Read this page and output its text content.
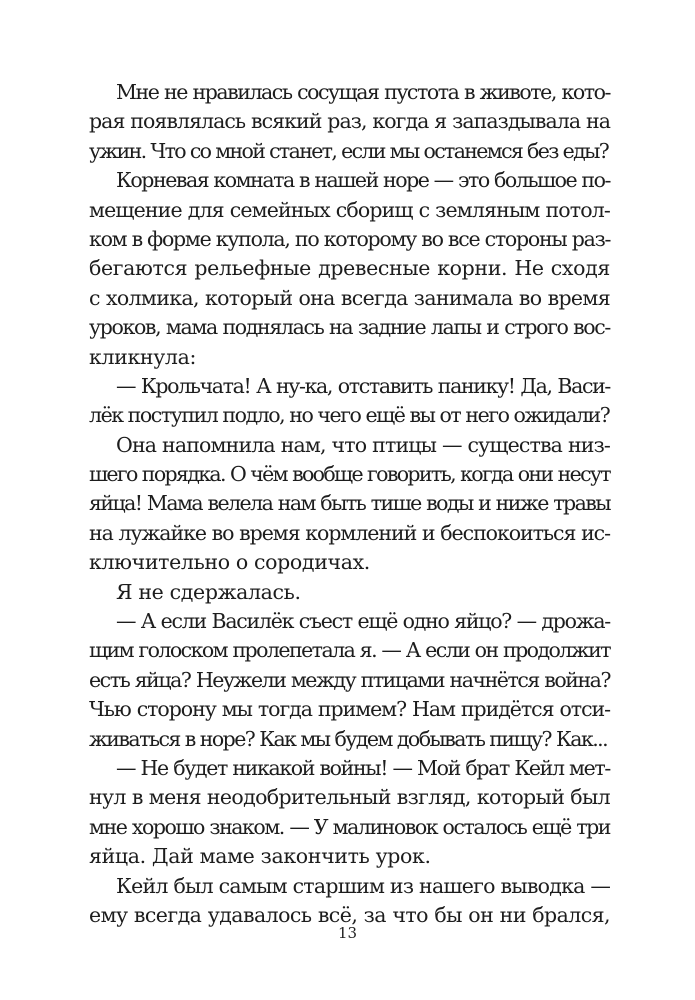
Мне не нравилась сосущая пустота в животе, кото-
рая появлялась всякий раз, когда я запаздывала на
ужин. Что со мной станет, если мы останемся без еды?
Корневая комната в нашей норе — это большое по-
мещение для семейных сборищ с земляным потол-
ком в форме купола, по которому во все стороны раз-
бегаются рельефные древесные корни. Не сходя
с холмика, который она всегда занимала во время
уроков, мама поднялась на задние лапы и строго вос-
кликнула:
— Крольчата! А ну-ка, отставить панику! Да, Васи-
лёк поступил подло, но чего ещё вы от него ожидали?
Она напомнила нам, что птицы — существа низ-
шего порядка. О чём вообще говорить, когда они несут
яйца! Мама велела нам быть тише воды и ниже травы
на лужайке во время кормлений и беспокоиться ис-
ключительно о сородичах.
Я не сдержалась.
— А если Василёк съест ещё одно яйцо? — дрожа-
щим голоском пролепетала я. — А если он продолжит
есть яйца? Неужели между птицами начнётся война?
Чью сторону мы тогда примем? Нам придётся отси-
живаться в норе? Как мы будем добывать пищу? Как...
— Не будет никакой войны! — Мой брат Кейл мет-
нул в меня неодобрительный взгляд, который был
мне хорошо знаком. — У малиновок осталось ещё три
яйца. Дай маме закончить урок.
Кейл был самым старшим из нашего выводка —
ему всегда удавалось всё, за что бы он ни брался,
13
